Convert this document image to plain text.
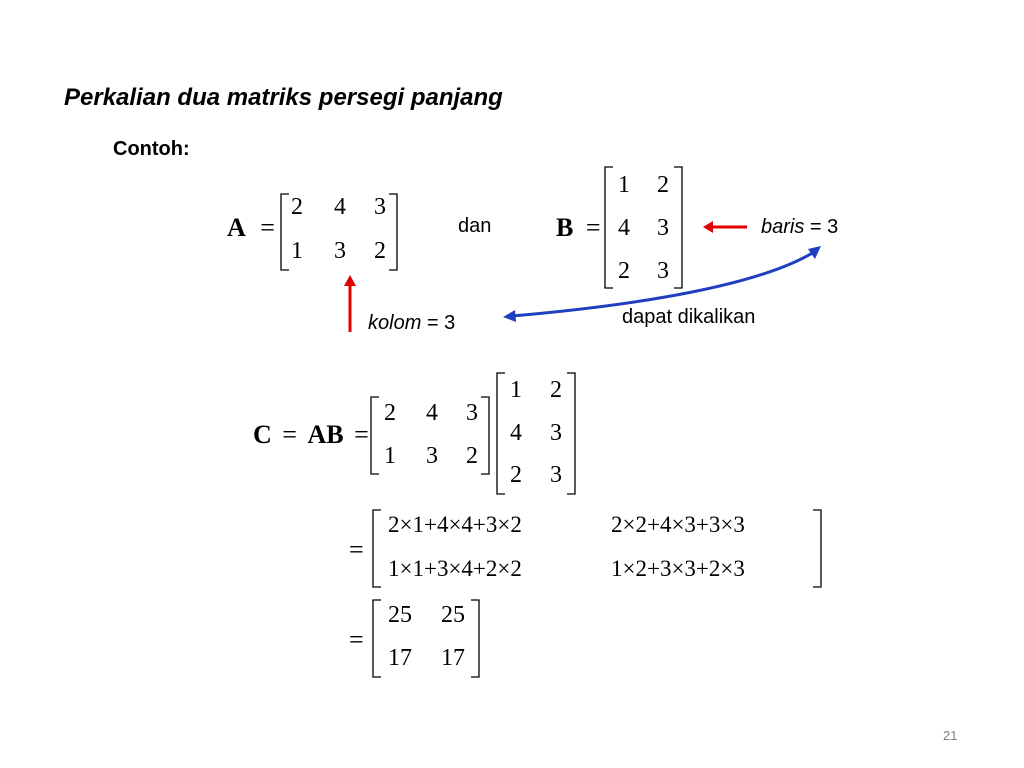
Perkalian dua matriks persegi panjang
Contoh:
A =
2 4 3
1 3 2
dan B =
1 2
4 3
2 3
baris = 3
kolom = 3	dapat dikalikan
C = AB =
2 4 3
1 3 2
1 2
4 3
2 3
=
2×1+4×4+3×2	2×2+4×3+3×3
1×1+3×4+2×2	1×2+3×3+2×3
=
25 25
17 17
21
